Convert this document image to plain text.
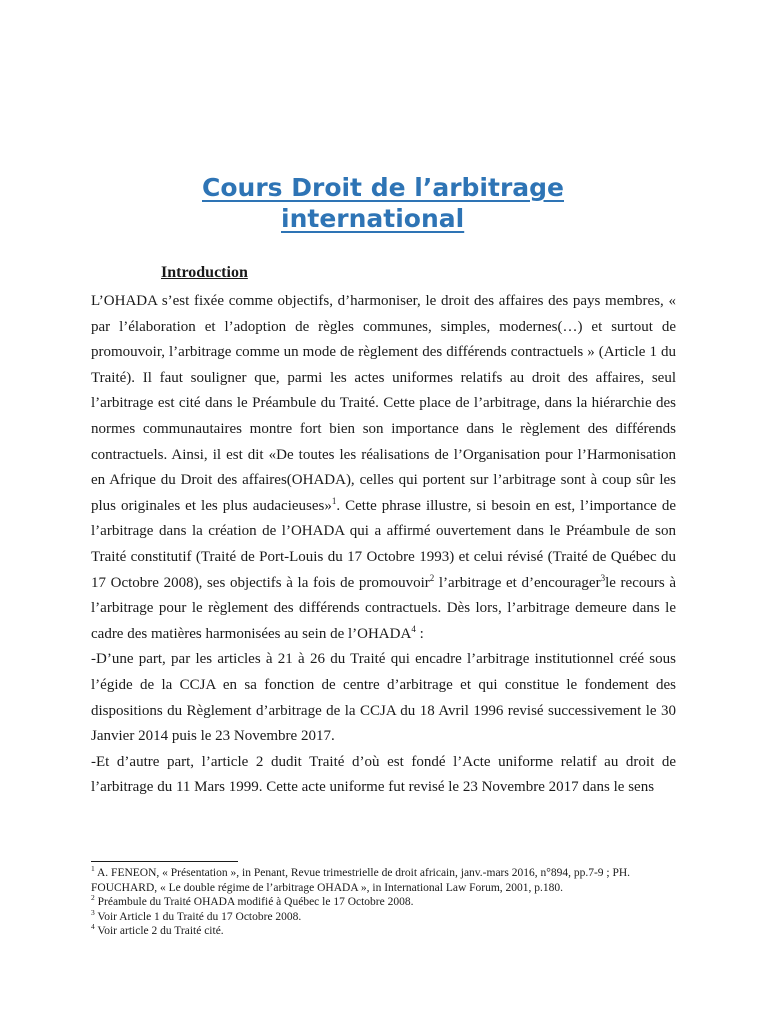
Cours Droit de l’arbitrage
international
Introduction

L’OHADA s’est fixée comme objectifs, d’harmoniser, le droit des affaires des pays membres, « par l’élaboration et l’adoption de règles communes, simples, modernes(…) et surtout de promouvoir, l’arbitrage comme un mode de règlement des différends contractuels » (Article 1 du Traité). Il faut souligner que, parmi les actes uniformes relatifs au droit des affaires, seul l’arbitrage est cité dans le Préambule du Traité. Cette place de l’arbitrage, dans la hiérarchie des normes communautaires montre fort bien son importance dans le règlement des différends contractuels. Ainsi, il est dit «De toutes les réalisations de l’Organisation pour l’Harmonisation en Afrique du Droit des affaires(OHADA), celles qui portent sur l’arbitrage sont à coup sûr les plus originales et les plus audacieuses»$^1$. Cette phrase illustre, si besoin en est, l’importance de l’arbitrage dans la création de l’OHADA qui a affirmé ouvertement dans le Préambule de son Traité constitutif (Traité de Port-Louis du 17 Octobre 1993) et celui révisé (Traité de Québec du 17 Octobre 2008), ses objectifs à la fois de promouvoir$^2$ l’arbitrage et d’encourager$^3$le recours à l’arbitrage pour le règlement des différends contractuels. Dès lors, l’arbitrage demeure dans le cadre des matières harmonisées au sein de l’OHADA$^4$ :

-D’une part, par les articles à 21 à 26 du Traité qui encadre l’arbitrage institutionnel créé sous l’égide de la CCJA en sa fonction de centre d’arbitrage et qui constitue le fondement des dispositions du Règlement d’arbitrage de la CCJA du 18 Avril 1996 revisé successivement le 30 Janvier 2014 puis le 23 Novembre 2017.

-Et d’autre part, l’article 2 dudit Traité d’où est fondé l’Acte uniforme relatif au droit de l’arbitrage du 11 Mars 1999. Cette acte uniforme fut revisé le 23 Novembre 2017 dans le sens

$^1$ A. FENEON, « Présentation », in Penant, Revue trimestrielle de droit africain, janv.-mars 2016, n°894, pp.7-9 ; PH. FOUCHARD, « Le double régime de l’arbitrage OHADA », in International Law Forum, 2001, p.180.

$^2$ Préambule du Traité OHADA modifié à Québec le 17 Octobre 2008.

$^3$ Voir Article 1 du Traité du 17 Octobre 2008.

$^4$ Voir article 2 du Traité cité.
